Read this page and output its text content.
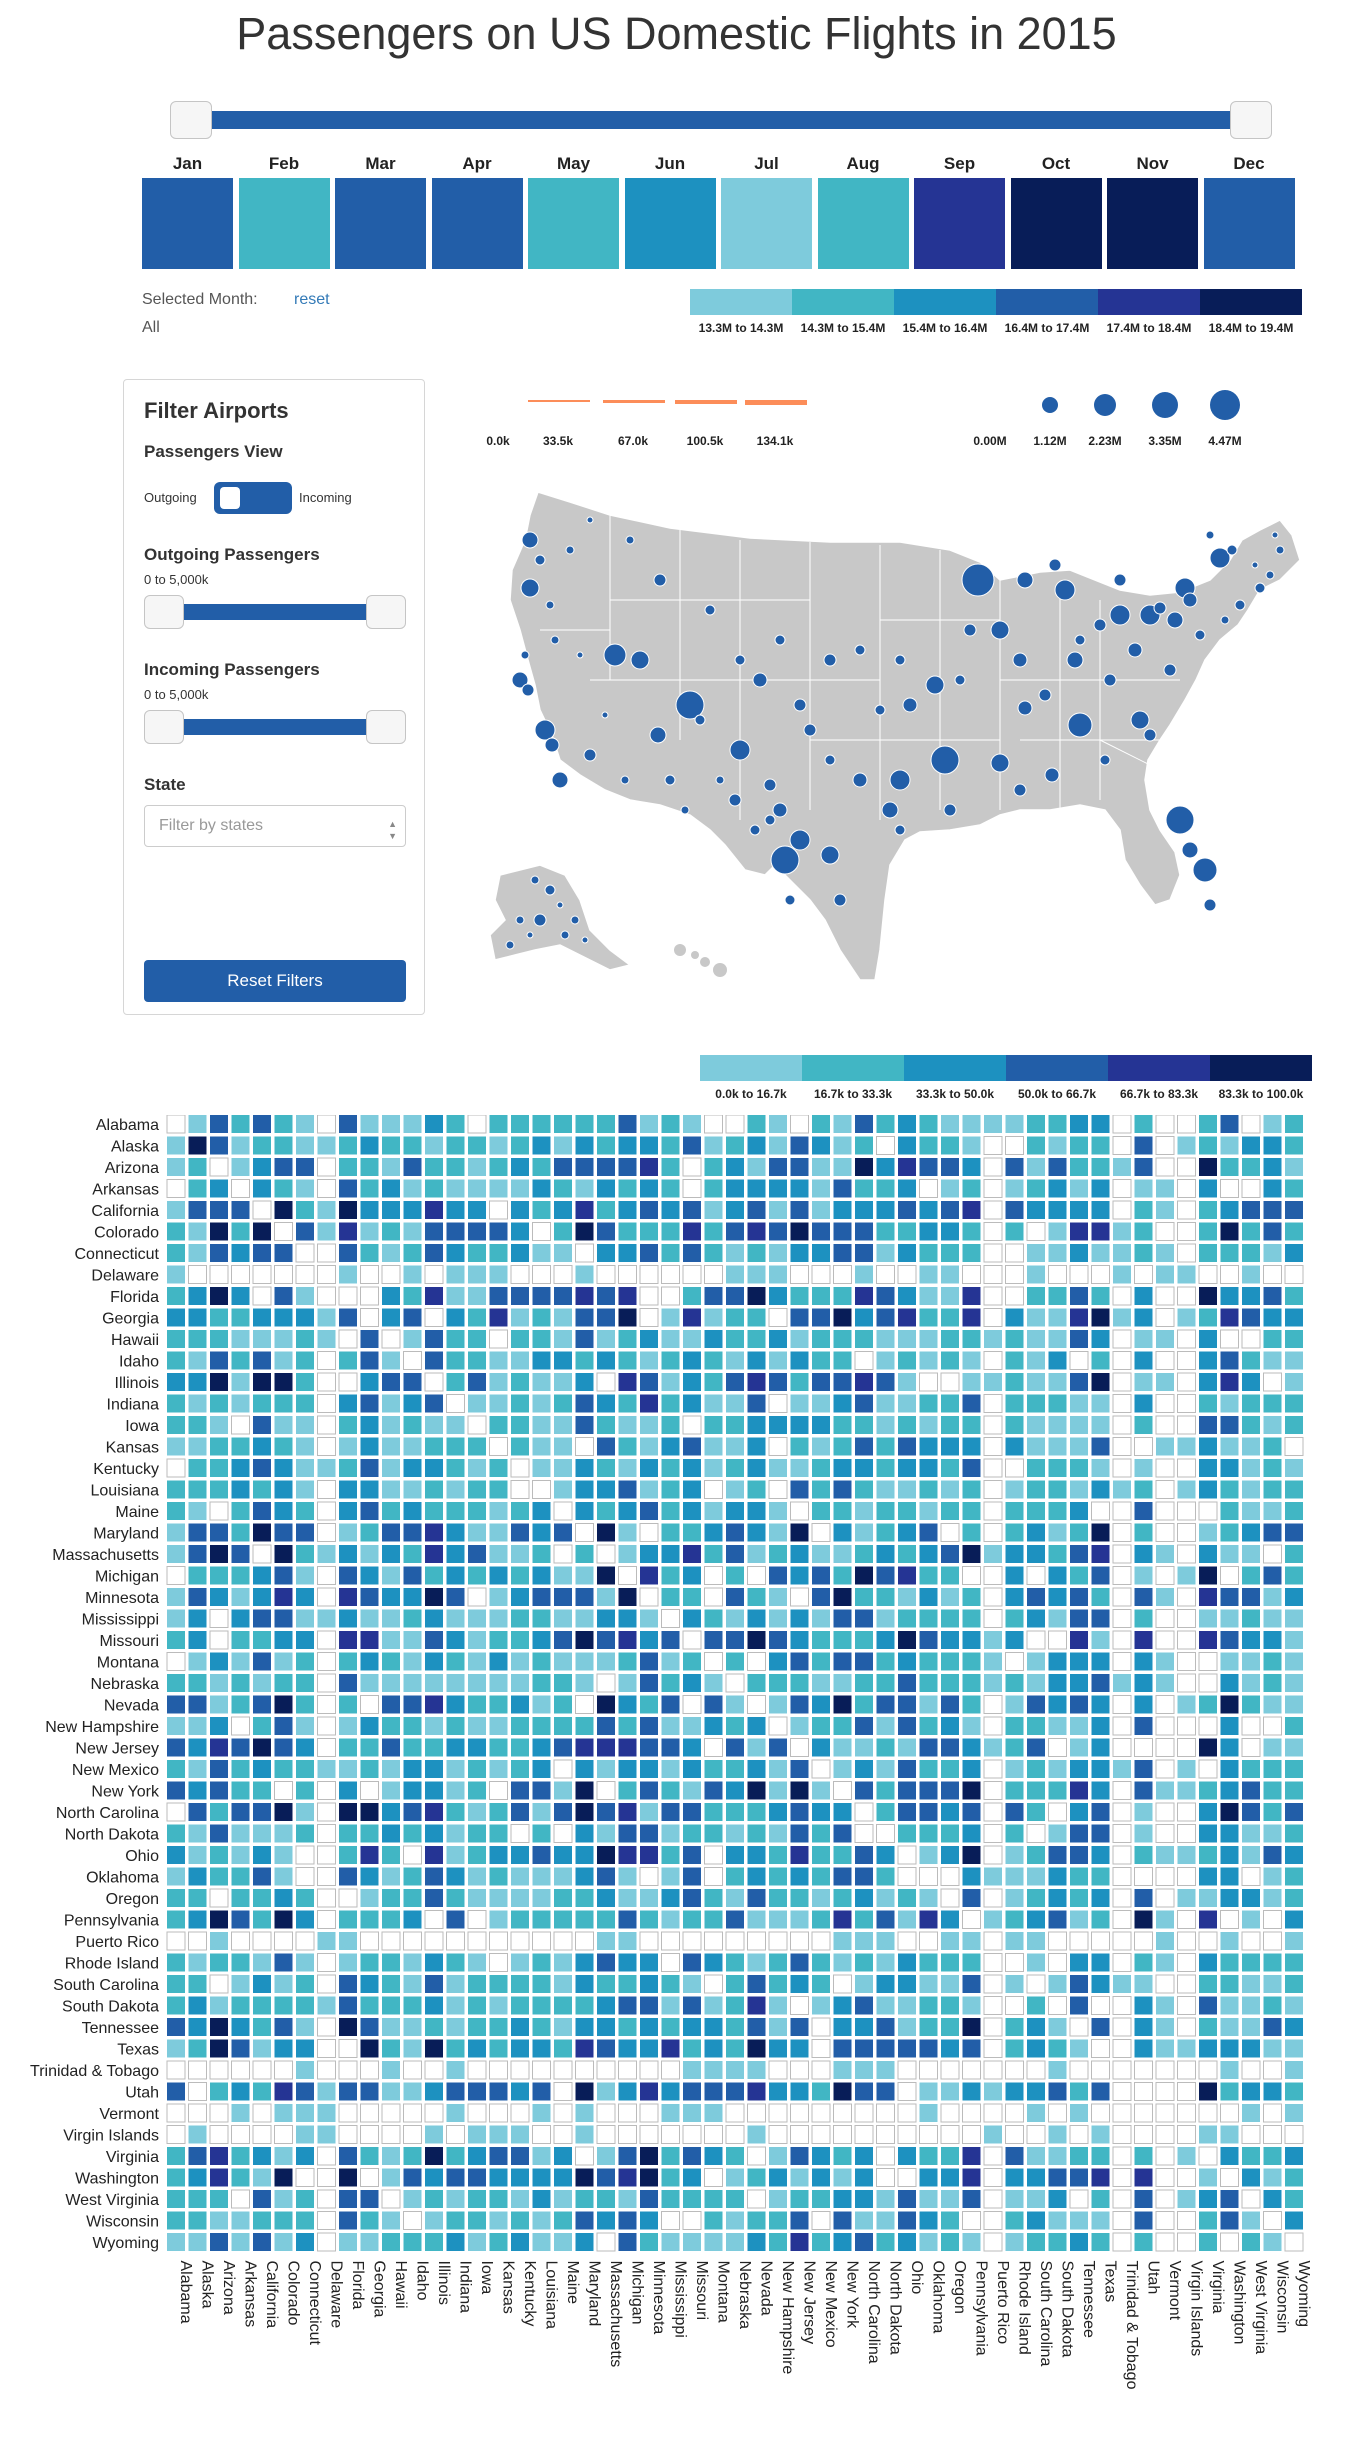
Passengers on US Domestic Flights in 2015
Jan	Feb	Mar	Apr	May	Jun	Jul	Aug	Sep	Oct	Nov	Dec
Selected Month: reset
All	13.3M to 14.3M	14.3M to 15.4M	15.4M to 16.4M	16.4M to 17.4M	17.4M to 18.4M	18.4M to 19.4M
Filter Airports
Passengers View
Outgoing	Incoming
Outgoing Passengers
0 to 5,000k
Incoming Passengers
0 to 5,000k
State
Filter by states	▲
▼
Reset Filters
0.0k	33.5k	67.0k	100.5k	134.1k	0.00M	1.12M	2.23M	3.35M	4.47M
0.0k to 16.7k	16.7k to 33.3k	33.3k to 50.0k	50.0k to 66.7k	66.7k to 83.3k	83.3k to 100.0k
Alabama
Alaska
Arizona
Arkansas
California
Colorado
Connecticut
Delaware
Florida
Georgia
Hawaii
Idaho
Illinois
Indiana
Iowa
Kansas
Kentucky
Louisiana
Maine
Maryland
Massachusetts
Michigan
Minnesota
Mississippi
Missouri
Montana
Nebraska
Nevada
New Hampshire
New Jersey
New Mexico
New York
North Carolina
North Dakota
Ohio
Oklahoma
Oregon
Pennsylvania
Puerto Rico
Rhode Island
South Carolina
South Dakota
Tennessee
Texas
Trinidad & Tobago
Utah
Vermont
Virgin Islands
Virginia
Washington
West Virginia
Wisconsin
Wyoming
Alabama Alaska Arizona Arkansas California Colorado Connecticut Delaware Florida Georgia Hawaii Idaho Illinois Indiana Iowa Kansas Kentucky Louisiana Maine Maryland Massachusetts Michigan Minnesota Mississippi Missouri Montana Nebraska Nevada New Hampshire New Jersey New Mexico New York North Carolina North Dakota Ohio Oklahoma Oregon Pennsylvania Puerto Rico Rhode Island South Carolina South Dakota Tennessee Texas Trinidad & Tobago Utah Vermont Virgin Islands Virginia Washington West Virginia Wisconsin Wyoming
